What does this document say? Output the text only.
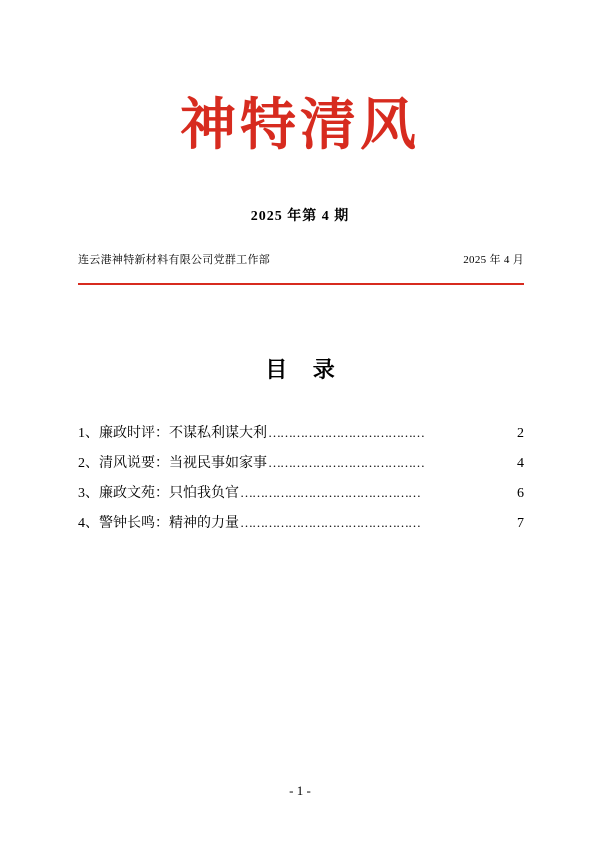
神特清风
2025 年第 4 期
连云港神特新材料有限公司党群工作部	2025 年 4 月
目 录
1、廉政时评：不谋私利谋大利 …………………………………	2
2、清风说要：当视民事如家事 …………………………………	4
3、廉政文苑：只怕我负官 ………………………………………	6
4、警钟长鸣：精神的力量 ………………………………………	7
- 1 -
